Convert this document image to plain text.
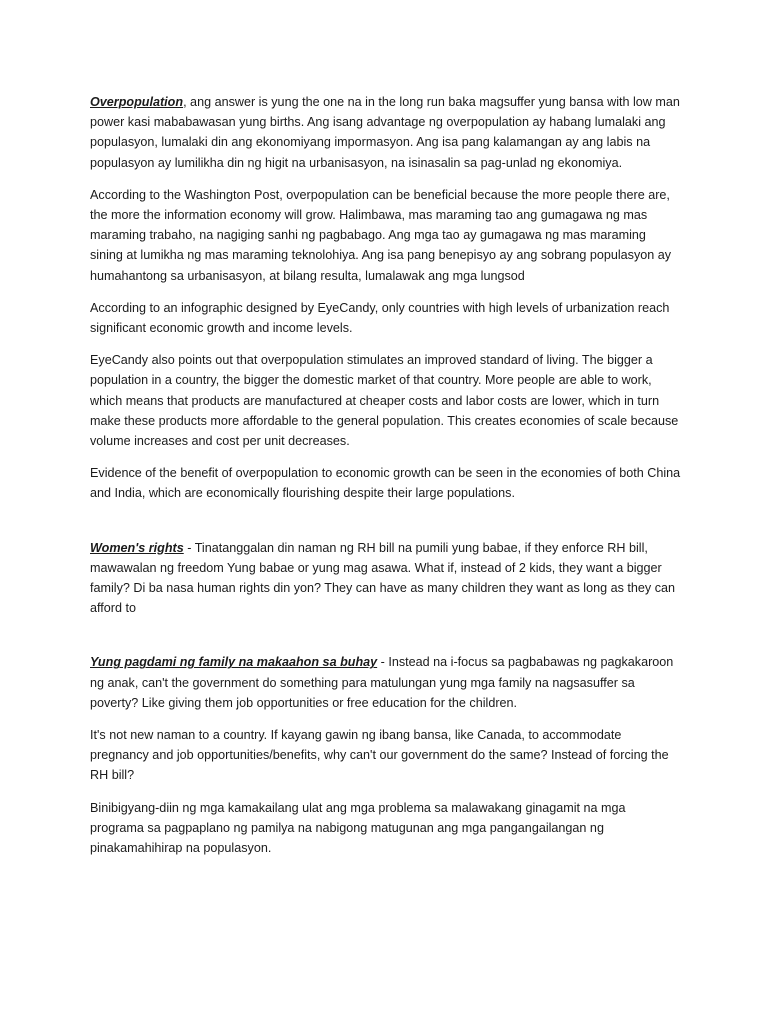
Overpopulation, ang answer is yung the one na in the long run baka magsuffer yung bansa with low man power kasi mababawasan yung births. Ang isang advantage ng overpopulation ay habang lumalaki ang populasyon, lumalaki din ang ekonomiyang impormasyon. Ang isa pang kalamangan ay ang labis na populasyon ay lumilikha din ng higit na urbanisasyon, na isinasalin sa pag-unlad ng ekonomiya.

According to the Washington Post, overpopulation can be beneficial because the more people there are, the more the information economy will grow. Halimbawa, mas maraming tao ang gumagawa ng mas maraming trabaho, na nagiging sanhi ng pagbabago. Ang mga tao ay gumagawa ng mas maraming sining at lumikha ng mas maraming teknolohiya. Ang isa pang benepisyo ay ang sobrang populasyon ay humahantong sa urbanisasyon, at bilang resulta, lumalawak ang mga lungsod

According to an infographic designed by EyeCandy, only countries with high levels of urbanization reach significant economic growth and income levels.

EyeCandy also points out that overpopulation stimulates an improved standard of living. The bigger a population in a country, the bigger the domestic market of that country. More people are able to work, which means that products are manufactured at cheaper costs and labor costs are lower, which in turn make these products more affordable to the general population. This creates economies of scale because volume increases and cost per unit decreases.

Evidence of the benefit of overpopulation to economic growth can be seen in the economies of both China and India, which are economically flourishing despite their large populations.

Women's rights - Tinatanggalan din naman ng RH bill na pumili yung babae, if they enforce RH bill, mawawalan ng freedom Yung babae or yung mag asawa. What if, instead of 2 kids, they want a bigger family? Di ba nasa human rights din yon? They can have as many children they want as long as they can afford to

Yung pagdami ng family na makaahon sa buhay - Instead na i-focus sa pagbabawas ng pagkakaroon ng anak, can't the government do something para matulungan yung mga family na nagsasuffer sa poverty? Like giving them job opportunities or free education for the children.

It's not new naman to a country. If kayang gawin ng ibang bansa, like Canada, to accommodate pregnancy and job opportunities/benefits, why can't our government do the same? Instead of forcing the RH bill?

Binibigyang-diin ng mga kamakailang ulat ang mga problema sa malawakang ginagamit na mga programa sa pagpaplano ng pamilya na nabigong matugunan ang mga pangangailangan ng pinakamahihirap na populasyon.
